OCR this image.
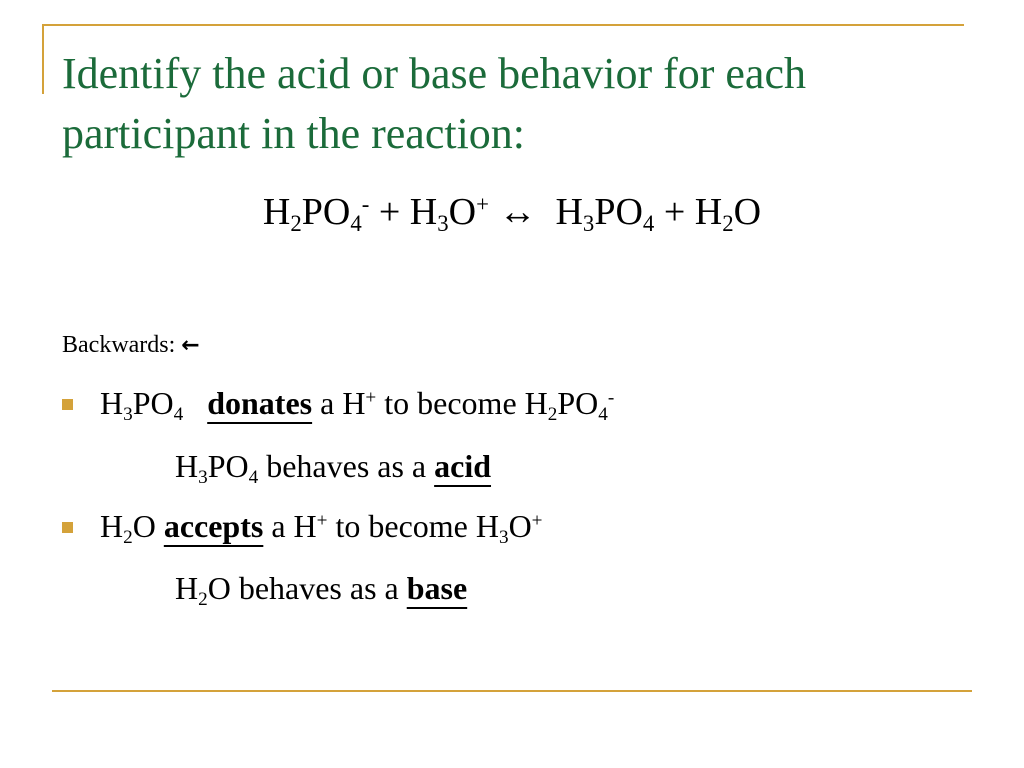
Identify the acid or base behavior for each participant in the reaction:
$H_2PO_4^- + H_3O^+$ ↔  $H_3PO_4 + H_2O$
Backwards: ←
$H_3PO_4$ donates a H+ to become $H_2PO_4^-$
$H_3PO_4$ behaves as a acid
$H_2O$ accepts a H+ to become $H_3O^+$
$H_2O$ behaves as a base
